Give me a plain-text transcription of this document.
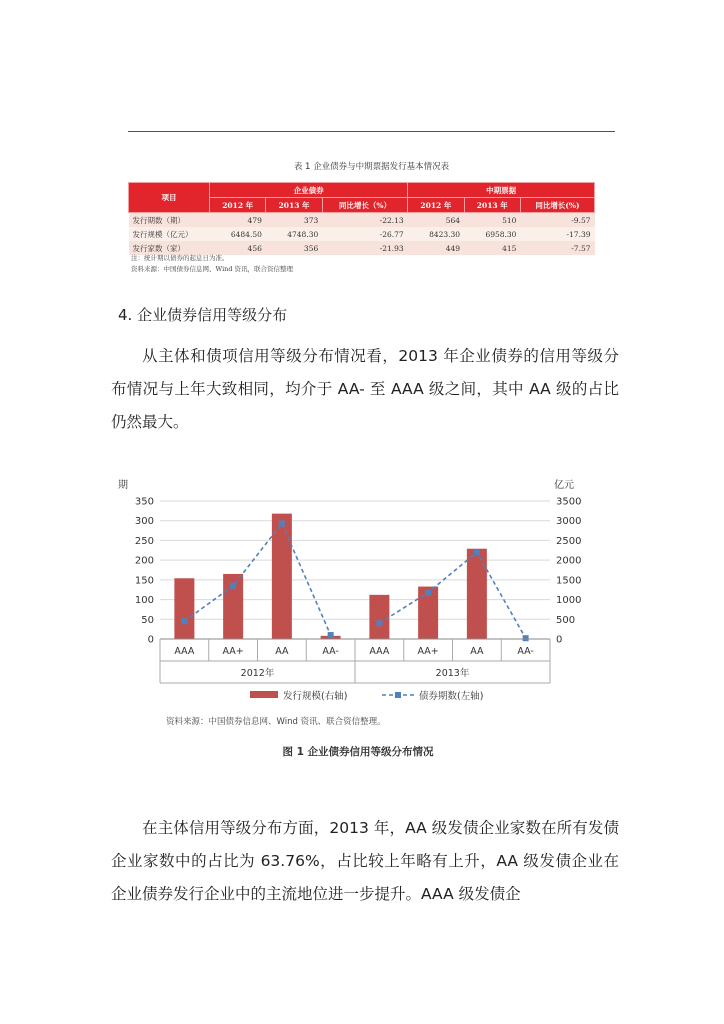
表 1 企业债券与中期票据发行基本情况表
项目	企业债券			中期票据		
	2012 年	2013 年	同比增长（%）	2012 年	2013 年	同比增长(%)
发行期数（期）	479	373	-22.13	564	510	-9.57
发行规模（亿元）	6484.50	4748.30	-26.77	8423.30	6958.30	-17.39
发行家数（家）	456	356	-21.93	449	415	-7.57
注：统计期以债券的起息日为准。
资料来源：中国债券信息网、Wind 资讯，联合资信整理
4. 企业债券信用等级分布

从主体和债项信用等级分布情况看，2013 年企业债券的信用等级分布情况与上年大致相同，均介于 AA- 至 AAA 级之间，其中 AA 级的占比仍然最大。

0
50
100
150
200
250
300
350
0
500
1000
1500
2000
2500
3000
3500
AAA	AA+	AA	AA-	AAA	AA+	AA	AA-
2012年	2013年
期	亿元
发行规模(右轴)	债券期数(左轴)
资料来源：中国债券信息网、Wind 资讯、联合资信整理。
图 1 企业债券信用等级分布情况

在主体信用等级分布方面，2013 年，AA 级发债企业家数在所有发债企业家数中的占比为 63.76%，占比较上年略有上升，AA 级发债企业在企业债券发行企业中的主流地位进一步提升。AAA 级发债企
